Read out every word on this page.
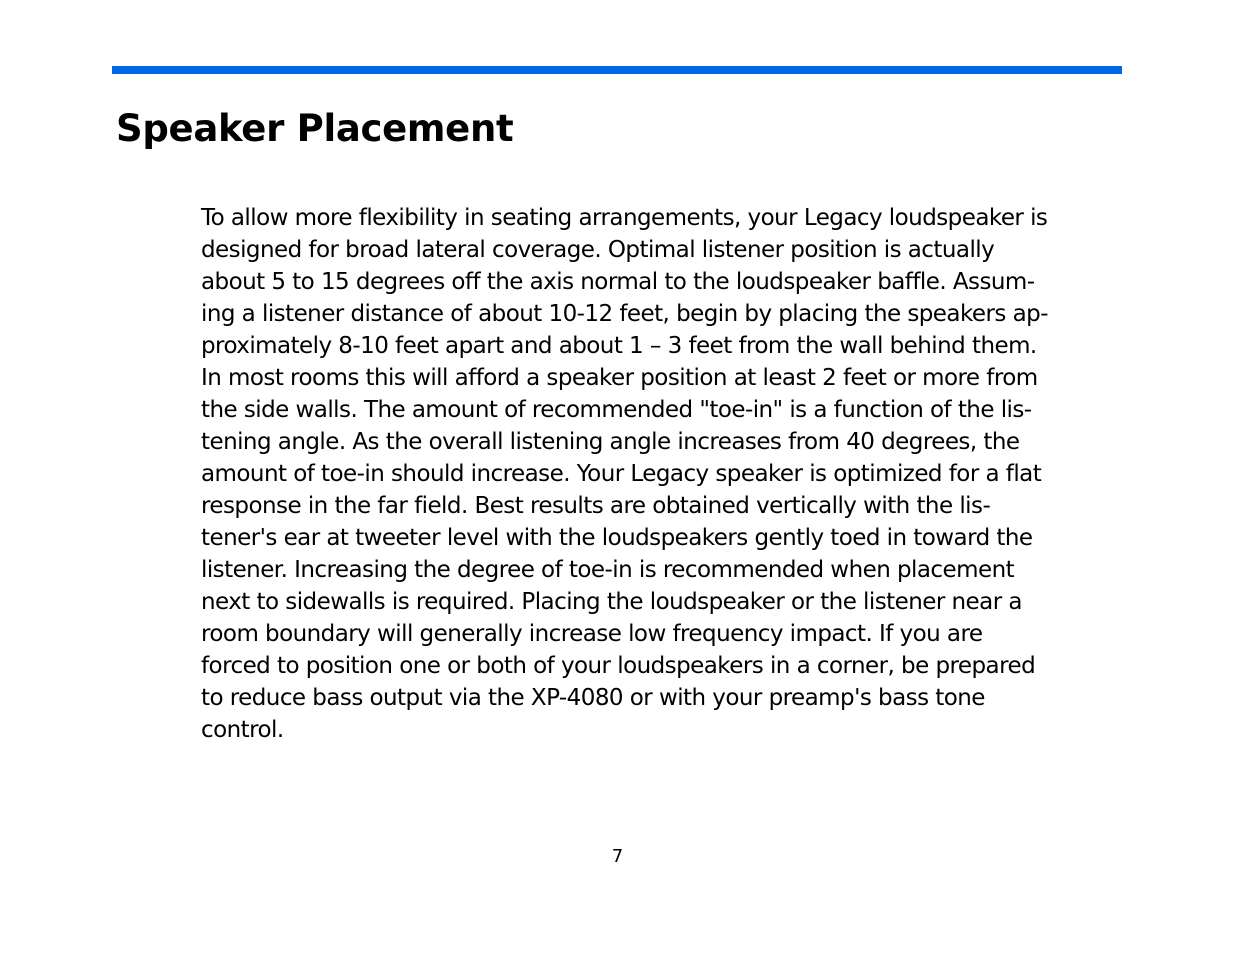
Speaker Placement
To allow more flexibility in seating arrangements, your Legacy loudspeaker is
designed for broad lateral coverage. Optimal listener position is actually
about 5 to 15 degrees off the axis normal to the loudspeaker baffle. Assum-
ing a listener distance of about 10-12 feet, begin by placing the speakers ap-
proximately 8-10 feet apart and about 1 – 3 feet from the wall behind them.
In most rooms this will afford a speaker position at least 2 feet or more from
the side walls. The amount of recommended "toe-in" is a function of the lis-
tening angle. As the overall listening angle increases from 40 degrees, the
amount of toe-in should increase. Your Legacy speaker is optimized for a flat
response in the far field. Best results are obtained vertically with the lis-
tener's ear at tweeter level with the loudspeakers gently toed in toward the
listener. Increasing the degree of toe-in is recommended when placement
next to sidewalls is required. Placing the loudspeaker or the listener near a
room boundary will generally increase low frequency impact. If you are
forced to position one or both of your loudspeakers in a corner, be prepared
to reduce bass output via the XP-4080 or with your preamp's bass tone
control.
7
